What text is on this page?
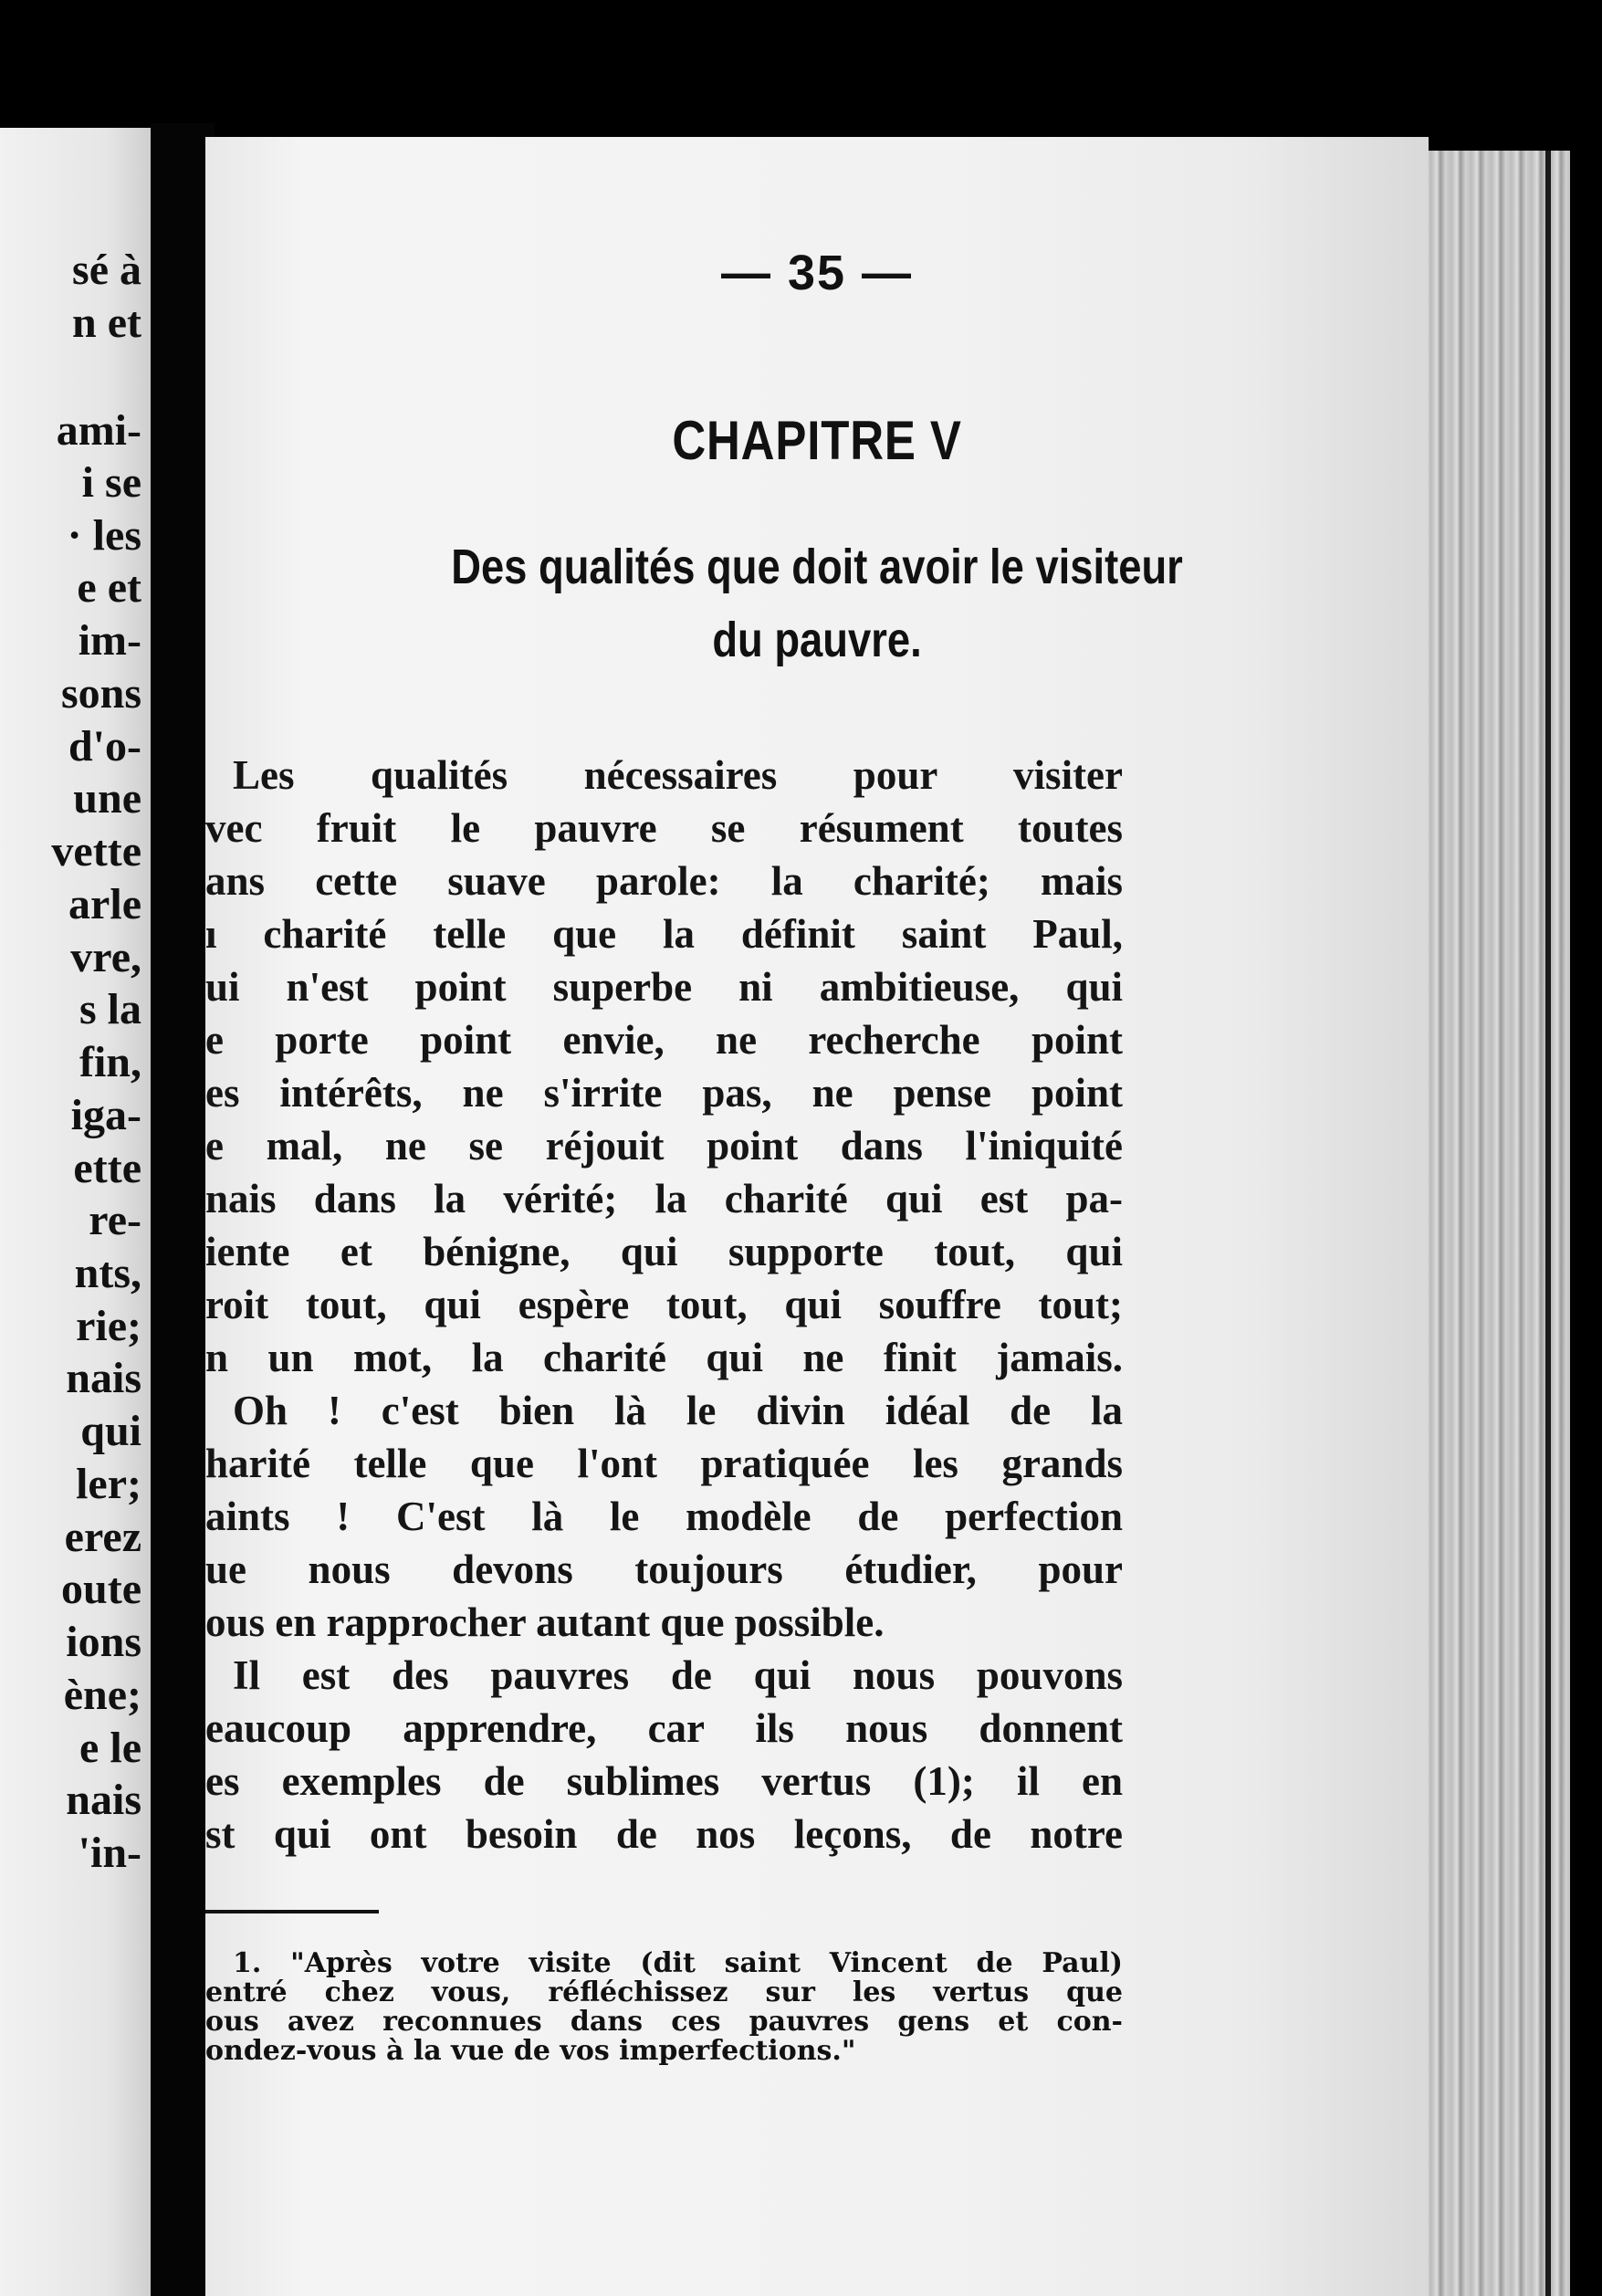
sé à
n et
ami-
i se
· les
e et
im-
sons
d'o-
une
vette
arle
vre,
s la
fin,
iga-
ette
re-
nts,
rie;
nais
qui
ler;
erez
oute
ions
ène;
e le
nais
'in-
— 35 —
CHAPITRE V
Des qualités que doit avoir le visiteur
du pauvre.
Les qualités nécessaires pour visiter
vec fruit le pauvre se résument toutes
ans cette suave parole: la charité; mais
ı charité telle que la définit saint Paul,
ui n'est point superbe ni ambitieuse, qui
e porte point envie, ne recherche point
es intérêts, ne s'irrite pas, ne pense point
e mal, ne se réjouit point dans l'iniquité
nais dans la vérité; la charité qui est pa-
iente et bénigne, qui supporte tout, qui
roit tout, qui espère tout, qui souffre tout;
n un mot, la charité qui ne finit jamais.
Oh ! c'est bien là le divin idéal de la
harité telle que l'ont pratiquée les grands
aints ! C'est là le modèle de perfection
ue nous devons toujours étudier, pour
ous en rapprocher autant que possible.
Il est des pauvres de qui nous pouvons
eaucoup apprendre, car ils nous donnent
es exemples de sublimes vertus (1); il en
st qui ont besoin de nos leçons, de notre
1. "Après votre visite (dit saint Vincent de Paul)
entré chez vous, réfléchissez sur les vertus que
ous avez reconnues dans ces pauvres gens et con-
ondez-vous à la vue de vos imperfections."
